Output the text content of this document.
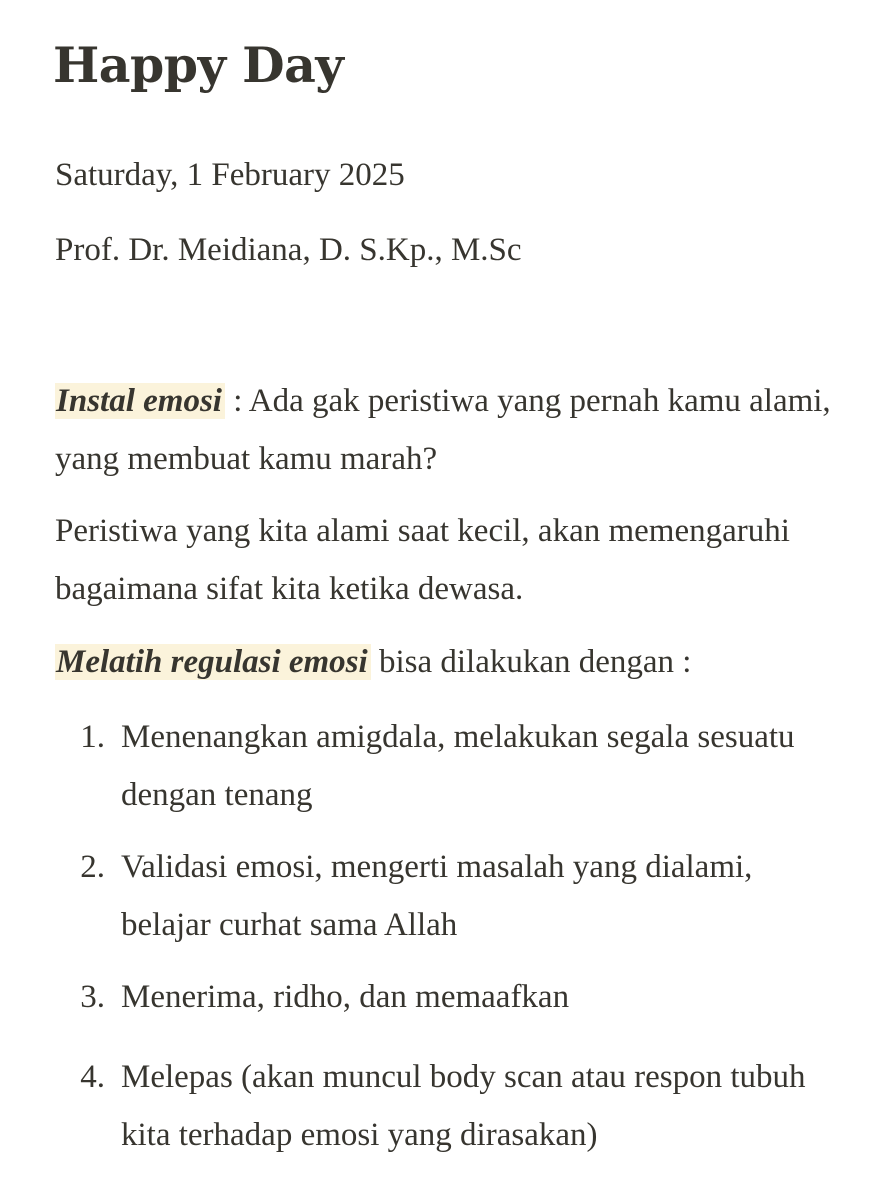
Happy Day

Saturday, 1 February 2025

Prof. Dr. Meidiana, D. S.Kp., M.Sc

Instal emosi : Ada gak peristiwa yang pernah kamu alami, yang membuat kamu marah?

Peristiwa yang kita alami saat kecil, akan memengaruhi bagaimana sifat kita ketika dewasa.

Melatih regulasi emosi bisa dilakukan dengan :

1. Menenangkan amigdala, melakukan segala sesuatu dengan tenang

2. Validasi emosi, mengerti masalah yang dialami, belajar curhat sama Allah

3. Menerima, ridho, dan memaafkan

4. Melepas (akan muncul body scan atau respon tubuh kita terhadap emosi yang dirasakan)
